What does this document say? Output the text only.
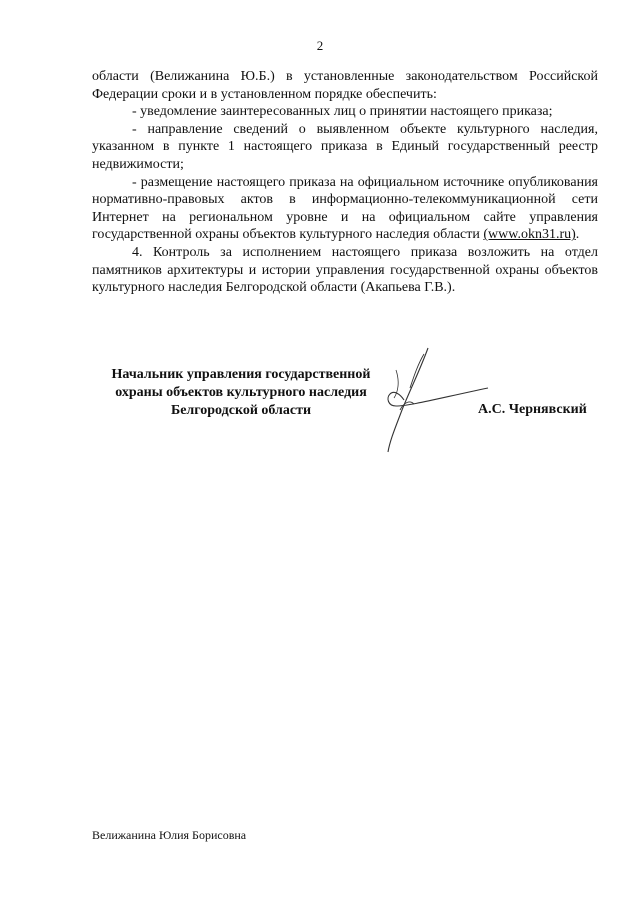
2

области (Велижанина Ю.Б.) в установленные законодательством Российской Федерации сроки и в установленном порядке обеспечить:

- уведомление заинтересованных лиц о принятии настоящего приказа;

- направление сведений о выявленном объекте культурного наследия, указанном в пункте 1 настоящего приказа в Единый государственный реестр недвижимости;

- размещение настоящего приказа на официальном источнике опубликования нормативно-правовых актов в информационно-телекоммуникационной сети Интернет на региональном уровне и на официальном сайте управления государственной охраны объектов культурного наследия области (www.okn31.ru).

4. Контроль за исполнением настоящего приказа возложить на отдел памятников архитектуры и истории управления государственной охраны объектов культурного наследия Белгородской области (Акапьева Г.В.).

Начальник управления государственной
охраны объектов культурного наследия
Белгородской области	А.С. Чернявский
Велижанина Юлия Борисовна
